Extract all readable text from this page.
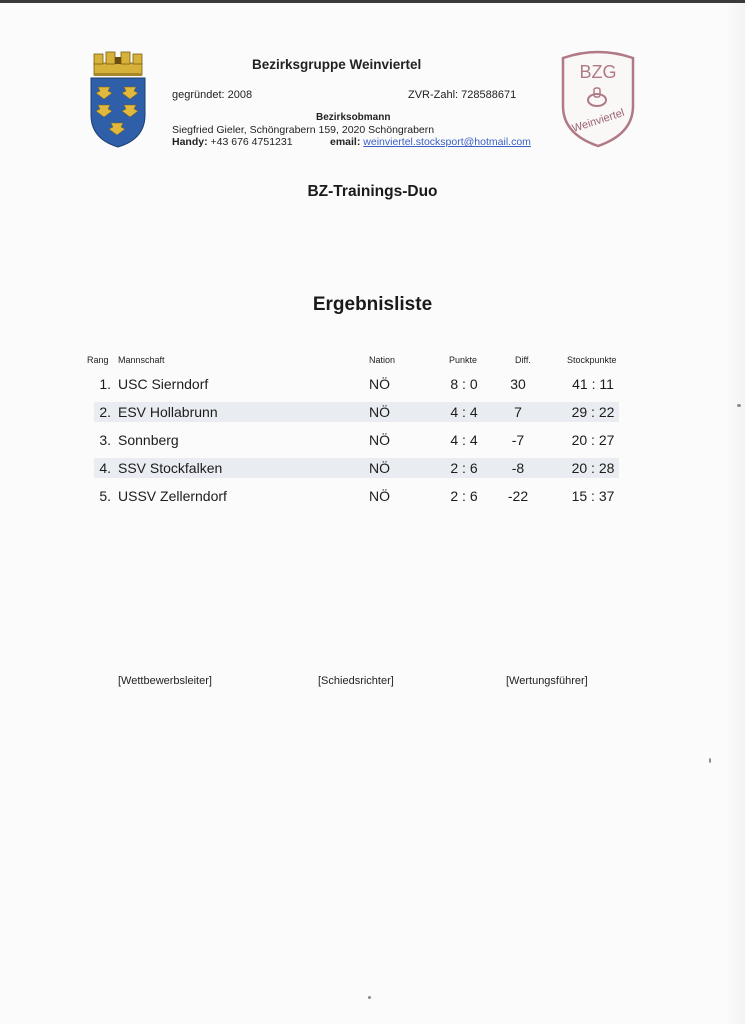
BZG
Weinviertel
Bezirksgruppe Weinviertel
gegründet: 2008	ZVR-Zahl: 728588671
Bezirksobmann
Siegfried Gieler, Schöngrabern 159, 2020 Schöngrabern
Handy: +43 676 4751231	email: weinviertel.stocksport@hotmail.com
BZ-Trainings-Duo
Ergebnisliste
Rang Mannschaft	Nation	Punkte	Diff.	Stockpunkte
1. USC Sierndorf	NÖ	8 : 0	30	41 : 11
2. ESV Hollabrunn	NÖ	4 : 4	7	29 : 22
3. Sonnberg	NÖ	4 : 4	-7	20 : 27
4. SSV Stockfalken	NÖ	2 : 6	-8	20 : 28
5. USSV Zellerndorf	NÖ	2 : 6	-22	15 : 37
[Wettbewerbsleiter]	[Schiedsrichter]	[Wertungsführer]
